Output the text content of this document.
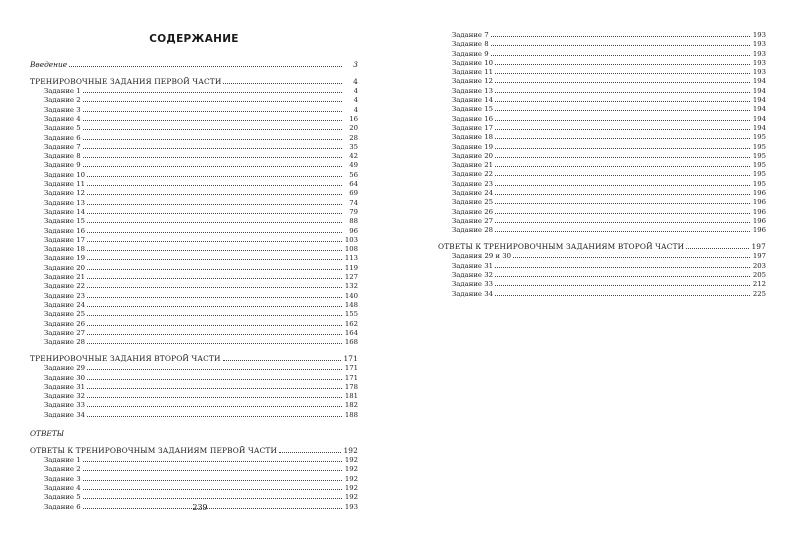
СОДЕРЖАНИЕ
Введение	3
ТРЕНИРОВОЧНЫЕ ЗАДАНИЯ ПЕРВОЙ ЧАСТИ	4
Задание 1	4
Задание 2	4
Задание 3	4
Задание 4	16
Задание 5	20
Задание 6	28
Задание 7	35
Задание 8	42
Задание 9	49
Задание 10	56
Задание 11	64
Задание 12	69
Задание 13	74
Задание 14	79
Задание 15	88
Задание 16	96
Задание 17	103
Задание 18	108
Задание 19	113
Задание 20	119
Задание 21	127
Задание 22	132
Задание 23	140
Задание 24	148
Задание 25	155
Задание 26	162
Задание 27	164
Задание 28	168
ТРЕНИРОВОЧНЫЕ ЗАДАНИЯ ВТОРОЙ ЧАСТИ	171
Задание 29	171
Задание 30	171
Задание 31	178
Задание 32	181
Задание 33	182
Задание 34	188
ОТВЕТЫ
ОТВЕТЫ К ТРЕНИРОВОЧНЫМ ЗАДАНИЯМ ПЕРВОЙ ЧАСТИ	192
Задание 1	192
Задание 2	192
Задание 3	192
Задание 4	192
Задание 5	192
Задание 6	193
239
Задание 7	193
Задание 8	193
Задание 9	193
Задание 10	193
Задание 11	193
Задание 12	194
Задание 13	194
Задание 14	194
Задание 15	194
Задание 16	194
Задание 17	194
Задание 18	195
Задание 19	195
Задание 20	195
Задание 21	195
Задание 22	195
Задание 23	195
Задание 24	196
Задание 25	196
Задание 26	196
Задание 27	196
Задание 28	196
ОТВЕТЫ К ТРЕНИРОВОЧНЫМ ЗАДАНИЯМ ВТОРОЙ ЧАСТИ	197
Задания 29 и 30	197
Задание 31	203
Задание 32	205
Задание 33	212
Задание 34	225
